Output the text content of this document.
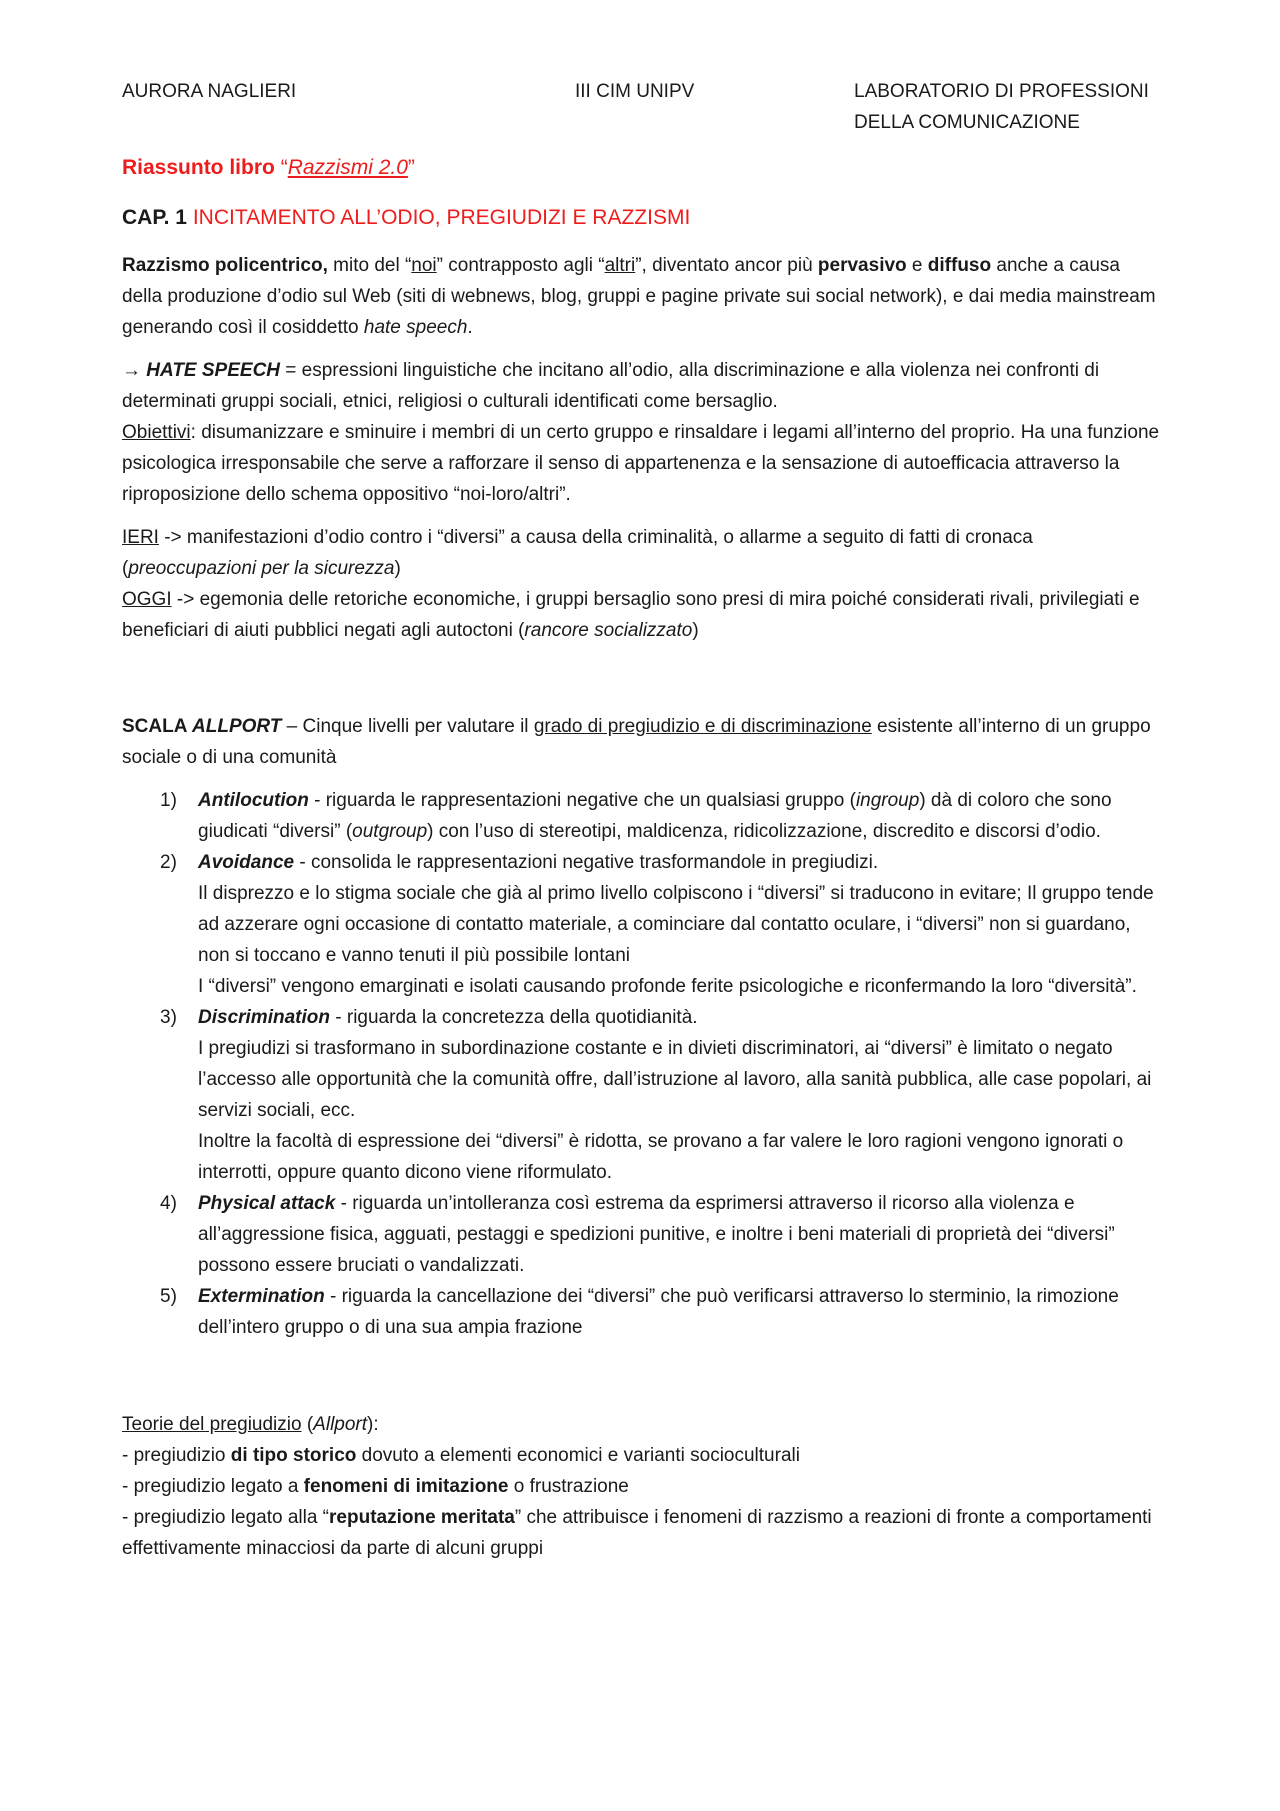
AURORA NAGLIERI	III CIM UNIPV	LABORATORIO DI PROFESSIONI
DELLA COMUNICAZIONE
Riassunto libro “Razzismi 2.0”
CAP. 1 INCITAMENTO ALL’ODIO, PREGIUDIZI E RAZZISMI

Razzismo policentrico, mito del “noi” contrapposto agli “altri”, diventato ancor più pervasivo e diffuso anche a causa della produzione d’odio sul Web (siti di webnews, blog, gruppi e pagine private sui social network), e dai media mainstream generando così il cosiddetto hate speech.

→ HATE SPEECH = espressioni linguistiche che incitano all’odio, alla discriminazione e alla violenza nei confronti di determinati gruppi sociali, etnici, religiosi o culturali identificati come bersaglio.
Obiettivi: disumanizzare e sminuire i membri di un certo gruppo e rinsaldare i legami all’interno del proprio. Ha una funzione psicologica irresponsabile che serve a rafforzare il senso di appartenenza e la sensazione di autoefficacia attraverso la riproposizione dello schema oppositivo “noi-loro/altri”.

IERI -> manifestazioni d’odio contro i “diversi” a causa della criminalità, o allarme a seguito di fatti di cronaca (preoccupazioni per la sicurezza)
OGGI -> egemonia delle retoriche economiche, i gruppi bersaglio sono presi di mira poiché considerati rivali, privilegiati e beneficiari di aiuti pubblici negati agli autoctoni (rancore socializzato)

SCALA ALLPORT – Cinque livelli per valutare il grado di pregiudizio e di discriminazione esistente all’interno di un gruppo sociale o di una comunità

1)	Antilocution - riguarda le rappresentazioni negative che un qualsiasi gruppo (ingroup) dà di coloro che sono giudicati “diversi” (outgroup) con l’uso di stereotipi, maldicenza, ridicolizzazione, discredito e discorsi d’odio.
2)	Avoidance - consolida le rappresentazioni negative trasformandole in pregiudizi.
Il disprezzo e lo stigma sociale che già al primo livello colpiscono i “diversi” si traducono in evitare; Il gruppo tende ad azzerare ogni occasione di contatto materiale, a cominciare dal contatto oculare, i “diversi” non si guardano, non si toccano e vanno tenuti il più possibile lontani
I “diversi” vengono emarginati e isolati causando profonde ferite psicologiche e riconfermando la loro “diversità”.
3)	Discrimination - riguarda la concretezza della quotidianità.
I pregiudizi si trasformano in subordinazione costante e in divieti discriminatori, ai “diversi” è limitato o negato l’accesso alle opportunità che la comunità offre, dall’istruzione al lavoro, alla sanità pubblica, alle case popolari, ai servizi sociali, ecc.
Inoltre la facoltà di espressione dei “diversi” è ridotta, se provano a far valere le loro ragioni vengono ignorati o interrotti, oppure quanto dicono viene riformulato.
4)	Physical attack - riguarda un’intolleranza così estrema da esprimersi attraverso il ricorso alla violenza e all’aggressione fisica, agguati, pestaggi e spedizioni punitive, e inoltre i beni materiali di proprietà dei “diversi” possono essere bruciati o vandalizzati.
5)	Extermination - riguarda la cancellazione dei “diversi” che può verificarsi attraverso lo sterminio, la rimozione dell’intero gruppo o di una sua ampia frazione

Teorie del pregiudizio (Allport):
- pregiudizio di tipo storico dovuto a elementi economici e varianti socioculturali
- pregiudizio legato a fenomeni di imitazione o frustrazione
- pregiudizio legato alla “reputazione meritata” che attribuisce i fenomeni di razzismo a reazioni di fronte a comportamenti effettivamente minacciosi da parte di alcuni gruppi
